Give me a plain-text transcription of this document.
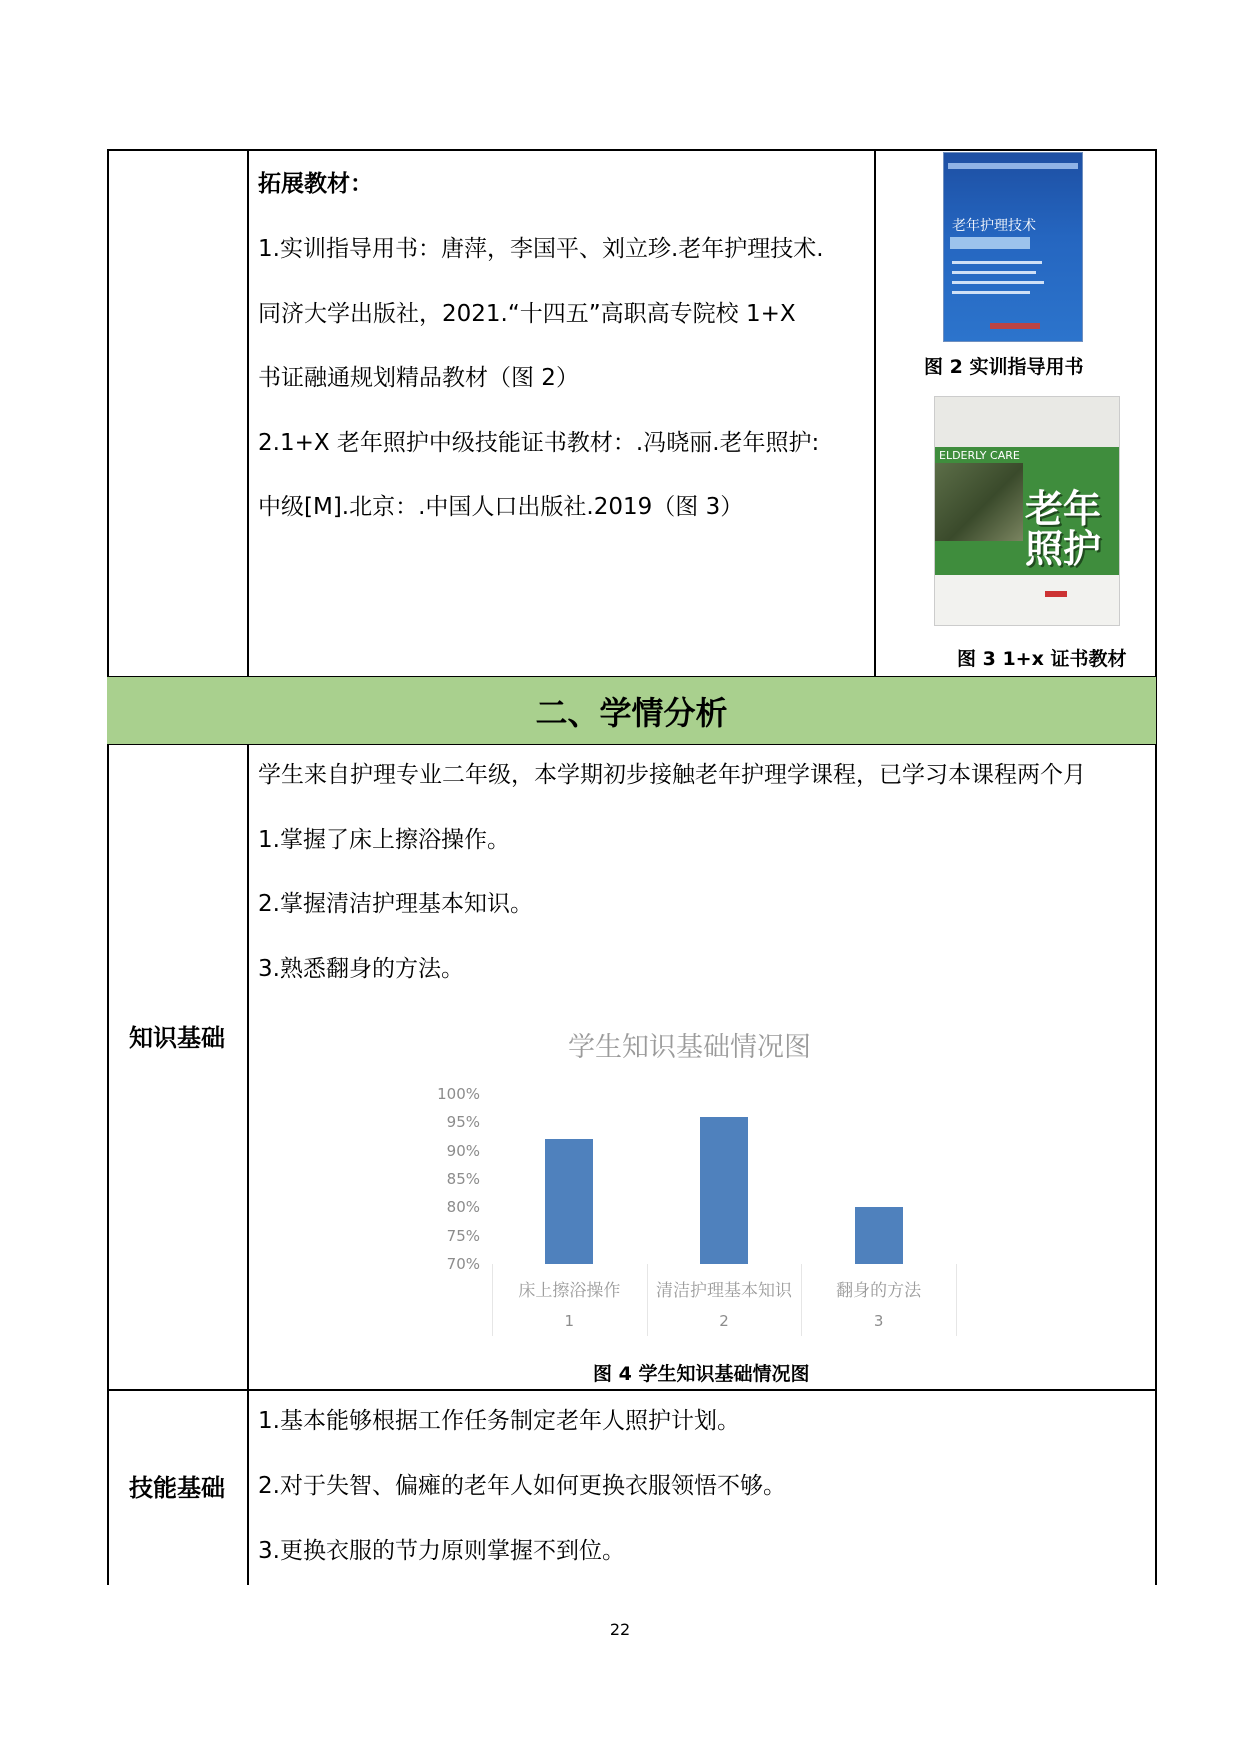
拓展教材：
1.实训指导用书：唐萍，李国平、刘立珍.老年护理技术.
同济大学出版社，2021.“十四五”高职高专院校 1+X
书证融通规划精品教材（图 2）
2.1+X 老年照护中级技能证书教材：.冯晓丽.老年照护:
中级[M].北京：.中国人口出版社.2019（图 3）
老年护理技术
图 2 实训指导用书
ELDERLY CARE
老年
照护
图 3 1+x 证书教材
二、学情分析
知识基础
学生来自护理专业二年级，本学期初步接触老年护理学课程，已学习本课程两个月
1.掌握了床上擦浴操作。
2.掌握清洁护理基本知识。
3.熟悉翻身的方法。
学生知识基础情况图
100%
95%
90%
85%
80%
75%
70%
床上擦浴操作
1
清洁护理基本知识
2
翻身的方法
3
图 4 学生知识基础情况图
技能基础
1.基本能够根据工作任务制定老年人照护计划。
2.对于失智、偏瘫的老年人如何更换衣服领悟不够。
3.更换衣服的节力原则掌握不到位。
22
